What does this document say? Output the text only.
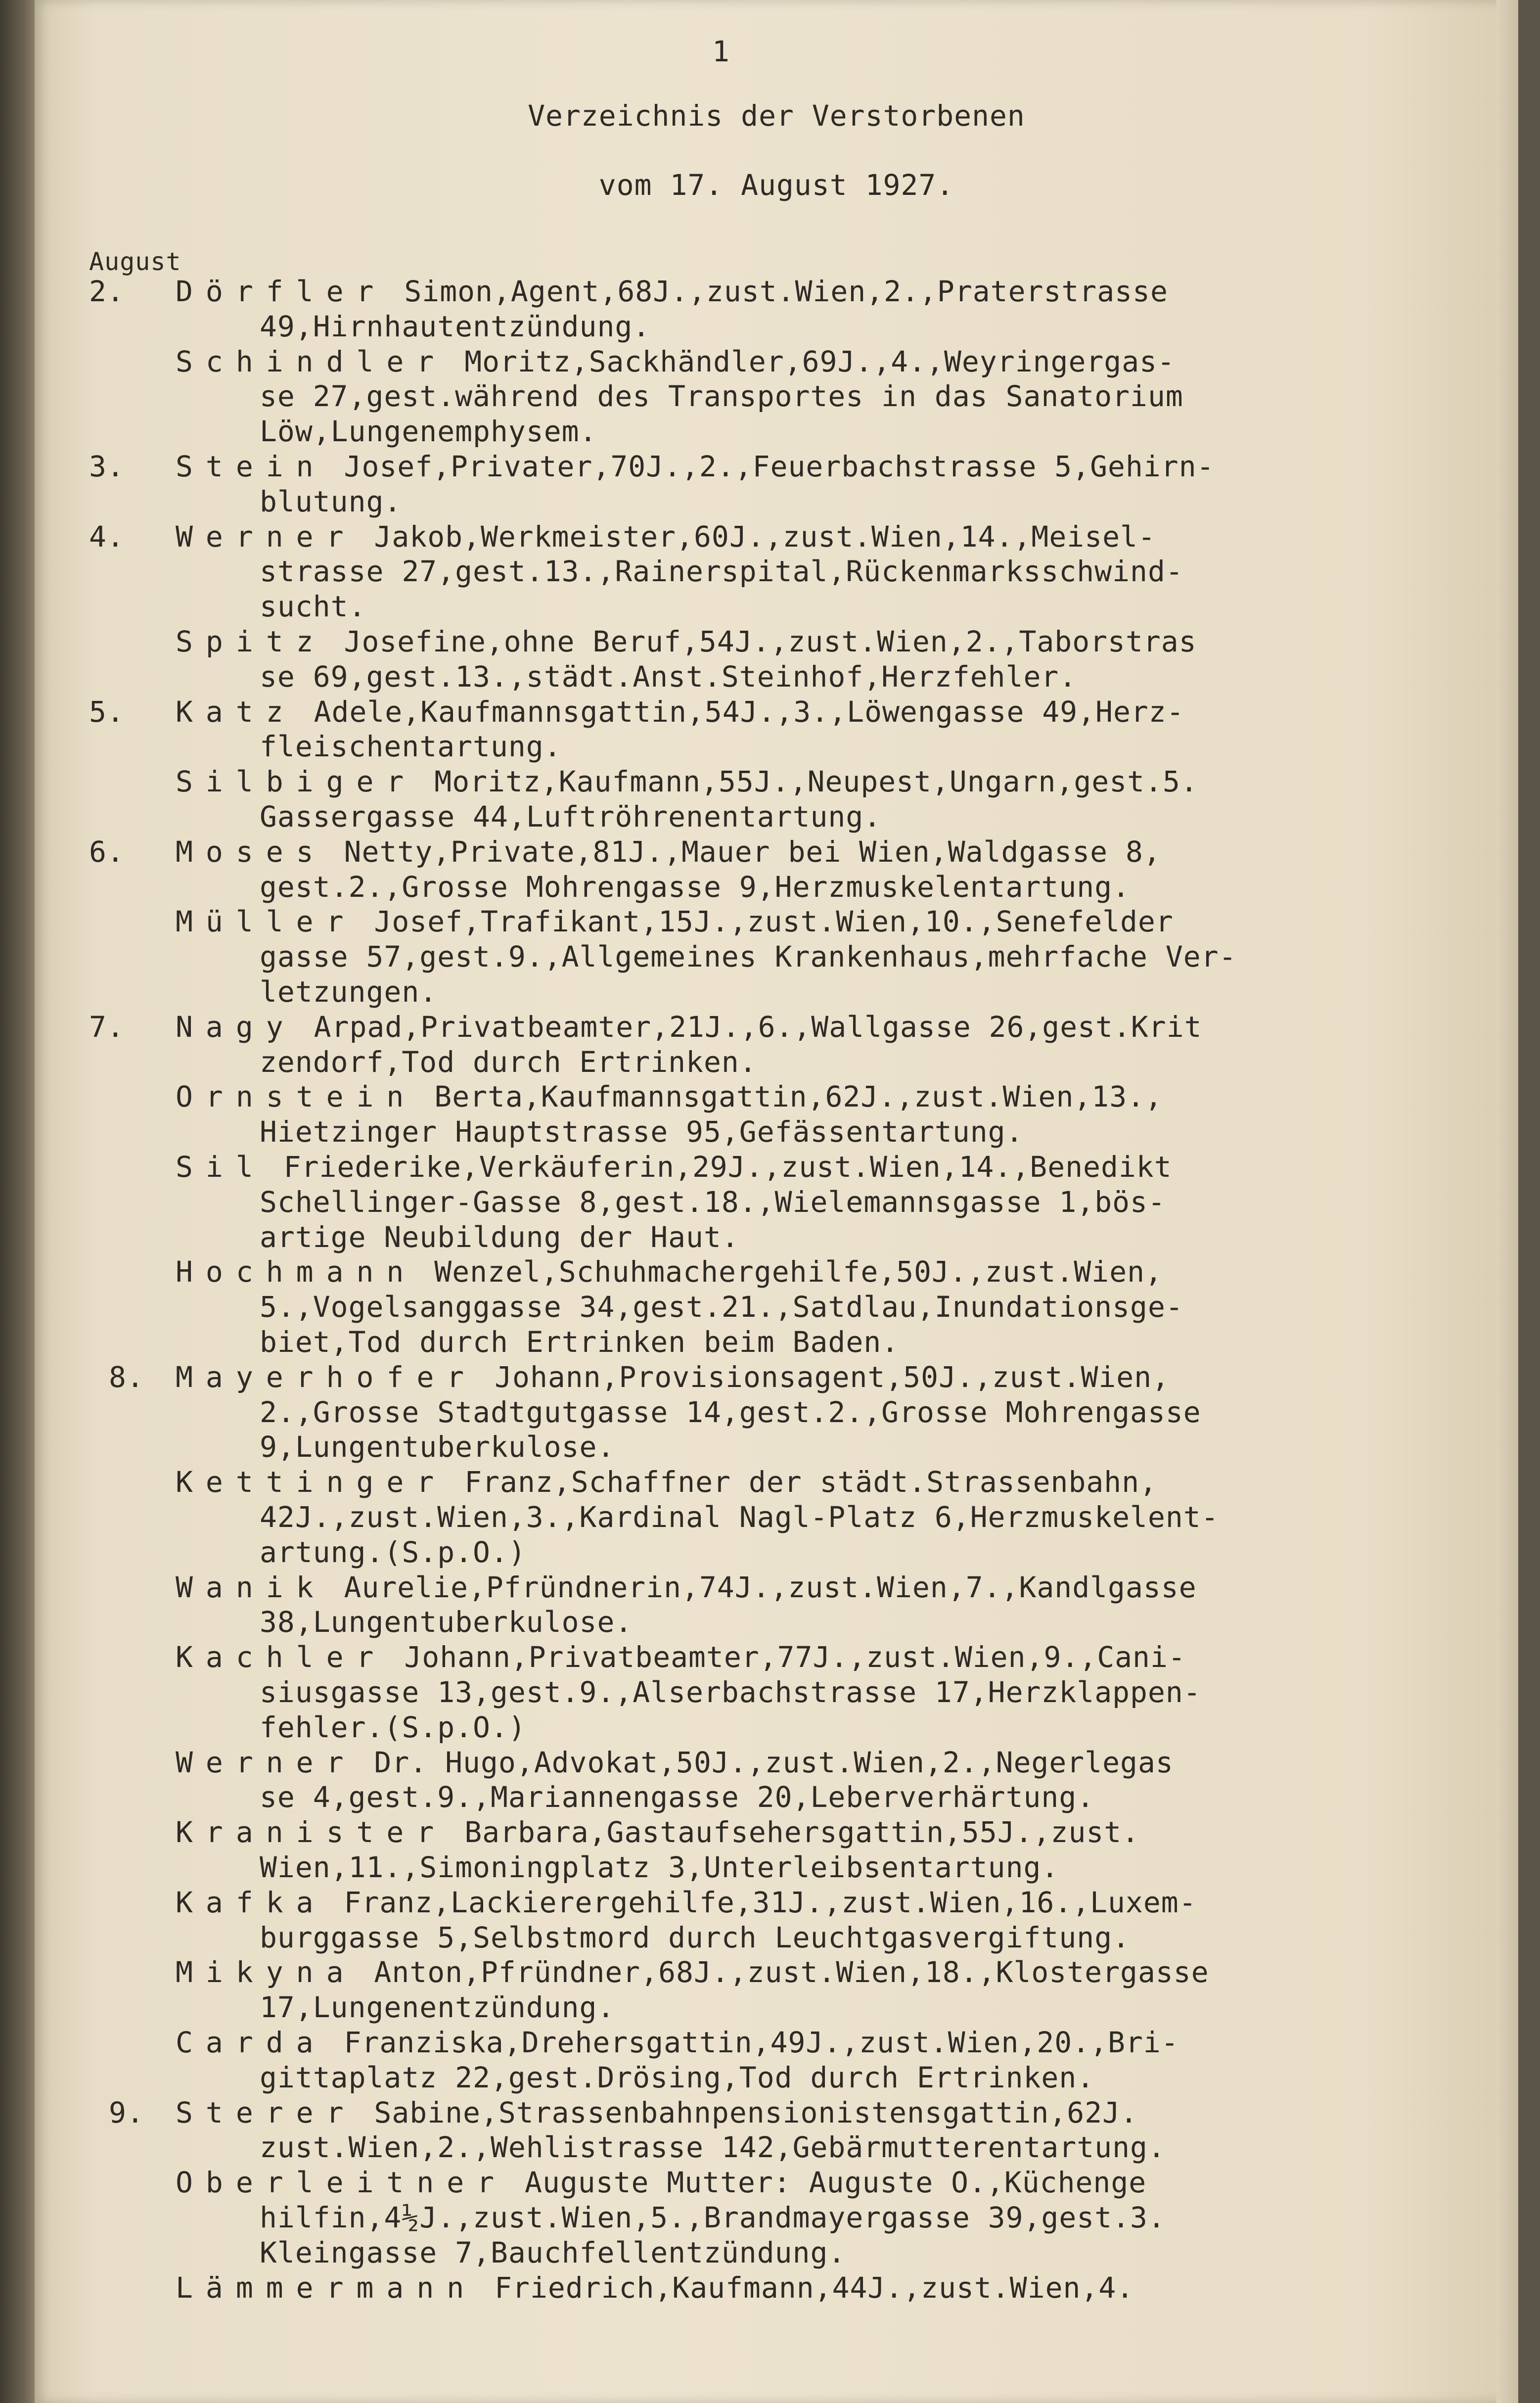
1
Verzeichnis der Verstorbenen
vom 17. August 1927.
August
2.
3.
4.
5.
6.
7.
8.
9.
Dörfler Simon,Agent,68J.,zust.Wien,2.,Praterstrasse
49,Hirnhautentzündung.
Schindler Moritz,Sackhändler,69J.,4.,Weyringergas-
se 27,gest.während des Transportes in das Sanatorium
Löw,Lungenemphysem.
Stein Josef,Privater,70J.,2.,Feuerbachstrasse 5,Gehirn-
blutung.
Werner Jakob,Werkmeister,60J.,zust.Wien,14.,Meisel-
strasse 27,gest.13.,Rainerspital,Rückenmarksschwind-
sucht.
Spitz Josefine,ohne Beruf,54J.,zust.Wien,2.,Taborstras
se 69,gest.13.,städt.Anst.Steinhof,Herzfehler.
Katz Adele,Kaufmannsgattin,54J.,3.,Löwengasse 49,Herz-
fleischentartung.
Silbiger Moritz,Kaufmann,55J.,Neupest,Ungarn,gest.5.
Gassergasse 44,Luftröhrenentartung.
Moses Netty,Private,81J.,Mauer bei Wien,Waldgasse 8,
gest.2.,Grosse Mohrengasse 9,Herzmuskelentartung.
Müller Josef,Trafikant,15J.,zust.Wien,10.,Senefelder
gasse 57,gest.9.,Allgemeines Krankenhaus,mehrfache Ver-
letzungen.
Nagy Arpad,Privatbeamter,21J.,6.,Wallgasse 26,gest.Krit
zendorf,Tod durch Ertrinken.
Ornstein Berta,Kaufmannsgattin,62J.,zust.Wien,13.,
Hietzinger Hauptstrasse 95,Gefässentartung.
Sil Friederike,Verkäuferin,29J.,zust.Wien,14.,Benedikt
Schellinger-Gasse 8,gest.18.,Wielemannsgasse 1,bös-
artige Neubildung der Haut.
Hochmann Wenzel,Schuhmachergehilfe,50J.,zust.Wien,
5.,Vogelsanggasse 34,gest.21.,Satdlau,Inundationsge-
biet,Tod durch Ertrinken beim Baden.
Mayerhofer Johann,Provisionsagent,50J.,zust.Wien,
2.,Grosse Stadtgutgasse 14,gest.2.,Grosse Mohrengasse
9,Lungentuberkulose.
Kettinger Franz,Schaffner der städt.Strassenbahn,
42J.,zust.Wien,3.,Kardinal Nagl-Platz 6,Herzmuskelent-
artung.(S.p.O.)
Wanik Aurelie,Pfründnerin,74J.,zust.Wien,7.,Kandlgasse
38,Lungentuberkulose.
Kachler Johann,Privatbeamter,77J.,zust.Wien,9.,Cani-
siusgasse 13,gest.9.,Alserbachstrasse 17,Herzklappen-
fehler.(S.p.O.)
Werner Dr. Hugo,Advokat,50J.,zust.Wien,2.,Negerlegas
se 4,gest.9.,Mariannengasse 20,Leberverhärtung.
Kranister Barbara,Gastaufsehersgattin,55J.,zust.
Wien,11.,Simoningplatz 3,Unterleibsentartung.
Kafka Franz,Lackierergehilfe,31J.,zust.Wien,16.,Luxem-
burggasse 5,Selbstmord durch Leuchtgasvergiftung.
Mikyna Anton,Pfründner,68J.,zust.Wien,18.,Klostergasse
17,Lungenentzündung.
Carda Franziska,Drehersgattin,49J.,zust.Wien,20.,Bri-
gittaplatz 22,gest.Drösing,Tod durch Ertrinken.
Sterer Sabine,Strassenbahnpensionistensgattin,62J.
zust.Wien,2.,Wehlistrasse 142,Gebärmutterentartung.
Oberleitner Auguste Mutter: Auguste O.,Küchenge
hilfin,4½J.,zust.Wien,5.,Brandmayergasse 39,gest.3.
Kleingasse 7,Bauchfellentzündung.
Lämmermann Friedrich,Kaufmann,44J.,zust.Wien,4.
